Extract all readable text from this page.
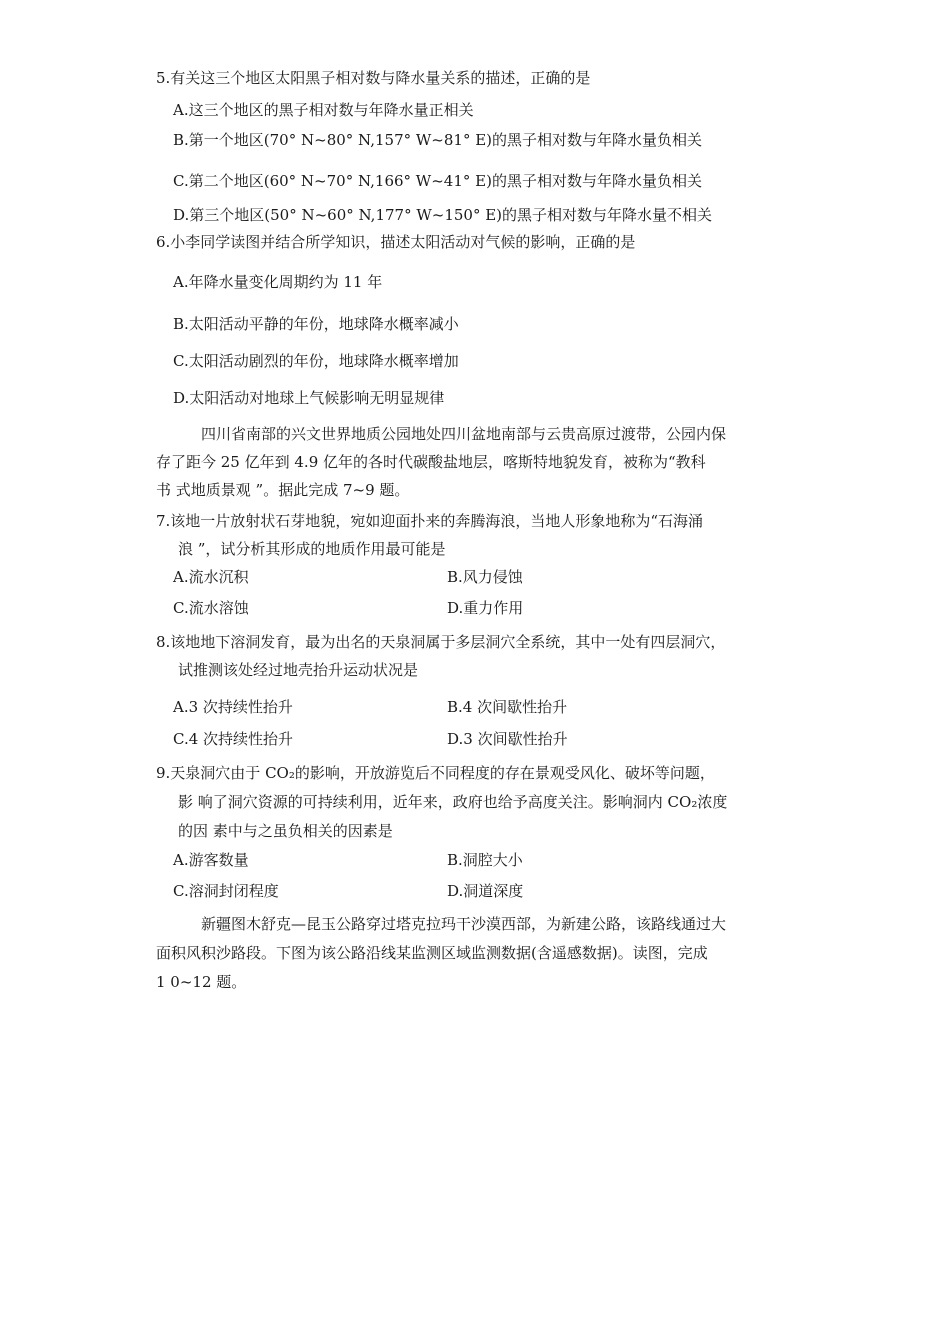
5.有关这三个地区太阳黑子相对数与降水量关系的描述，正确的是
A.这三个地区的黑子相对数与年降水量正相关
B.第一个地区(70° N~80° N,157° W~81° E)的黑子相对数与年降水量负相关
C.第二个地区(60° N~70° N,166° W~41° E)的黑子相对数与年降水量负相关
D.第三个地区(50° N~60° N,177° W~150° E)的黑子相对数与年降水量不相关
6.小李同学读图并结合所学知识，描述太阳活动对气候的影响，正确的是
A.年降水量变化周期约为 11 年
B.太阳活动平静的年份，地球降水概率减小
C.太阳活动剧烈的年份，地球降水概率增加
D.太阳活动对地球上气候影响无明显规律
四川省南部的兴文世界地质公园地处四川盆地南部与云贵高原过渡带，公园内保
存了距今 25 亿年到 4.9 亿年的各时代碳酸盐地层，喀斯特地貌发育，被称为“教科
书 式地质景观 ”。据此完成 7~9 题。
7.该地一片放射状石芽地貌，宛如迎面扑来的奔腾海浪，当地人形象地称为“石海涌
浪 ”，试分析其形成的地质作用最可能是
A.流水沉积	B.风力侵蚀
C.流水溶蚀	D.重力作用
8.该地地下溶洞发育，最为出名的天泉洞属于多层洞穴全系统，其中一处有四层洞穴，
试推测该处经过地壳抬升运动状况是
A.3 次持续性抬升	B.4 次间歇性抬升
C.4 次持续性抬升	D.3 次间歇性抬升
9.天泉洞穴由于 CO₂的影响，开放游览后不同程度的存在景观受风化、破坏等问题，
影 响了洞穴资源的可持续利用，近年来，政府也给予高度关注。影响洞内 CO₂浓度
的因 素中与之虽负相关的因素是
A.游客数量	B.洞腔大小
C.溶洞封闭程度	D.洞道深度
新疆图木舒克—昆玉公路穿过塔克拉玛干沙漠西部，为新建公路，该路线通过大
面积风积沙路段。下图为该公路沿线某监测区域监测数据(含遥感数据)。读图，完成
1 0~12 题。
